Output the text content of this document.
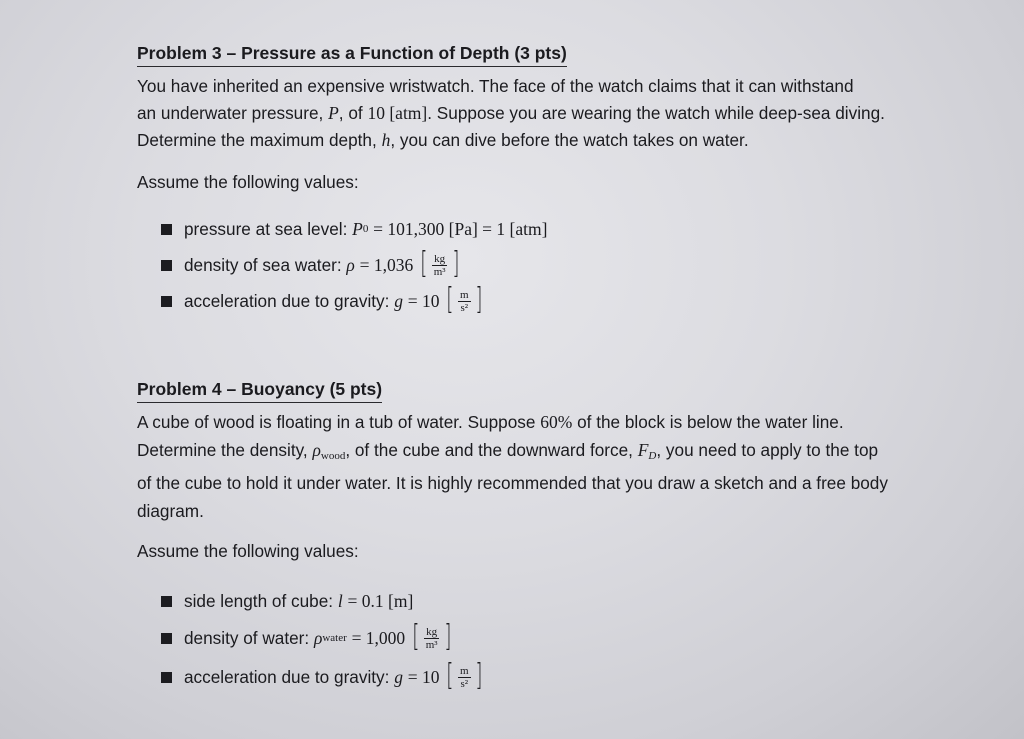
Problem 3 – Pressure as a Function of Depth (3 pts)
You have inherited an expensive wristwatch. The face of the watch claims that it can withstand
an underwater pressure, P, of 10 [atm]. Suppose you are wearing the watch while deep-sea diving.
Determine the maximum depth, h, you can dive before the watch takes on water.
Assume the following values:
pressure at sea level:
P 0
= 101,300 [Pa] = 1 [atm]
density of sea water:
ρ
= 1,036
[ $\frac{kg}{\text{m³}}$ ]
acceleration due to gravity:
g
= 10
[ $\frac{m}{\text{s²}}$ ]
Problem 4 – Buoyancy (5 pts)
A cube of wood is floating in a tub of water. Suppose 60% of the block is below the water line.
Determine the density, $\rho_{wood}$, of the cube and the downward force, $F_D$, you need to apply to the top
of the cube to hold it under water. It is highly recommended that you draw a sketch and a free body
diagram.
Assume the following values:
side length of cube:
l
= 0.1 [m]
density of water:
ρ water
= 1,000
[ $\frac{kg}{\text{m³}}$ ]
acceleration due to gravity:
g
= 10
[ $\frac{m}{\text{s²}}$ ]
